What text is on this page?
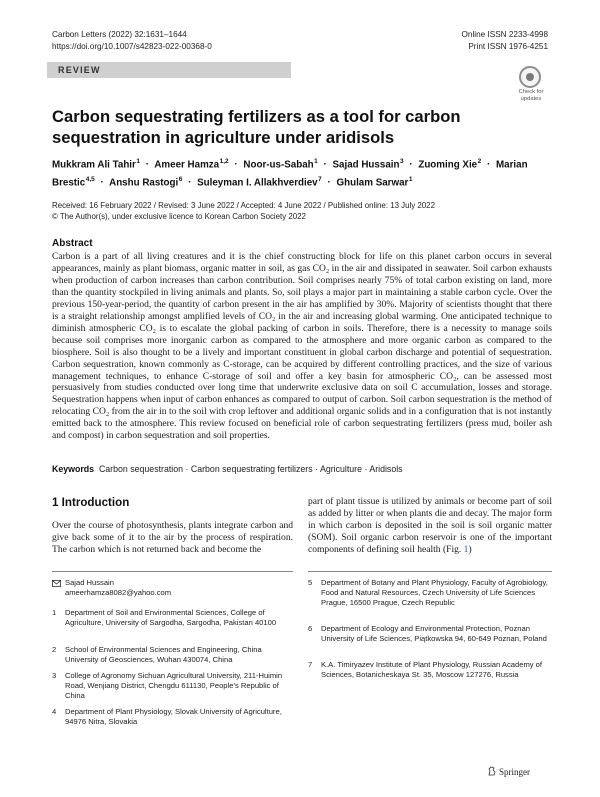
Carbon Letters (2022) 32:1631–1644
https://doi.org/10.1007/s42823-022-00368-0
Online ISSN 2233-4998
Print ISSN 1976-4251
REVIEW
Check for
updates
Carbon sequestrating fertilizers as a tool for carbon sequestration in agriculture under aridisols
Mukkram Ali Tahir$^1$ · Ameer Hamza$^{1,2}$ · Noor-us-Sabah$^1$ · Sajad Hussain$^3$ · Zuoming Xie$^2$ · Marian Brestic$^{4,5}$ · Anshu Rastogi$^6$ · Suleyman I. Allakhverdiev$^7$ · Ghulam Sarwar$^1$
Received: 16 February 2022 / Revised: 3 June 2022 / Accepted: 4 June 2022 / Published online: 13 July 2022
© The Author(s), under exclusive licence to Korean Carbon Society 2022
Abstract
Carbon is a part of all living creatures and it is the chief constructing block for life on this planet carbon occurs in several appearances, mainly as plant biomass, organic matter in soil, as gas CO₂ in the air and dissipated in seawater. Soil carbon exhausts when production of carbon increases than carbon contribution. Soil comprises nearly 75% of total carbon existing on land, more than the quantity stockpiled in living animals and plants. So, soil plays a major part in maintaining a stable carbon cycle. Over the previous 150-year-period, the quantity of carbon present in the air has amplified by 30%. Majority of scientists thought that there is a straight relationship amongst amplified levels of CO₂ in the air and increasing global warming. One anticipated technique to diminish atmospheric CO₂ is to escalate the global packing of carbon in soils. Therefore, there is a necessity to manage soils because soil comprises more inorganic carbon as compared to the atmosphere and more organic carbon as compared to the biosphere. Soil is also thought to be a lively and important constituent in global carbon discharge and potential of sequestration. Carbon sequestration, known commonly as C-storage, can be acquired by different controlling practices, and the size of various management techniques, to enhance C-storage of soil and offer a key basin for atmospheric CO₂, can be assessed most persuasively from studies conducted over long time that underwrite exclusive data on soil C accumulation, losses and storage. Sequestration happens when input of carbon enhances as compared to output of carbon. Soil carbon sequestration is the method of relocating CO₂ from the air in to the soil with crop leftover and additional organic solids and in a configuration that is not instantly emitted back to the atmosphere. This review focused on beneficial role of carbon sequestrating fertilizers (press mud, boiler ash and compost) in carbon sequestration and soil properties.
Keywords Carbon sequestration · Carbon sequestrating fertilizers · Agriculture · Aridisols
1 Introduction
Over the course of photosynthesis, plants integrate carbon and give back some of it to the air by the process of respiration. The carbon which is not returned back and become the
part of plant tissue is utilized by animals or become part of soil as added by litter or when plants die and decay. The major form in which carbon is deposited in the soil is soil organic matter (SOM). Soil organic carbon reservoir is one of the important components of defining soil health (Fig. 1)
Sajad Hussain
ameerhamza8082@yahoo.com
1 Department of Soil and Environmental Sciences, College of Agriculture, University of Sargodha, Sargodha, Pakistan 40100
2 School of Environmental Sciences and Engineering, China University of Geosciences, Wuhan 430074, China
3 College of Agronomy Sichuan Agricultural University, 211-Huimin Road, Wenjiang District, Chengdu 611130, People’s Republic of China
4 Department of Plant Physiology, Slovak University of Agriculture, 94976 Nitra, Slovakia
5 Department of Botany and Plant Physiology, Faculty of Agrobiology, Food and Natural Resources, Czech University of Life Sciences Prague, 16500 Prague, Czech Republic
6 Department of Ecology and Environmental Protection, Poznan University of Life Sciences, Piątkowska 94, 60-649 Poznan, Poland
7 K.A. Timiryazev Institute of Plant Physiology, Russian Academy of Sciences, Botanicheskaya St. 35, Moscow 127276, Russia
Springer
